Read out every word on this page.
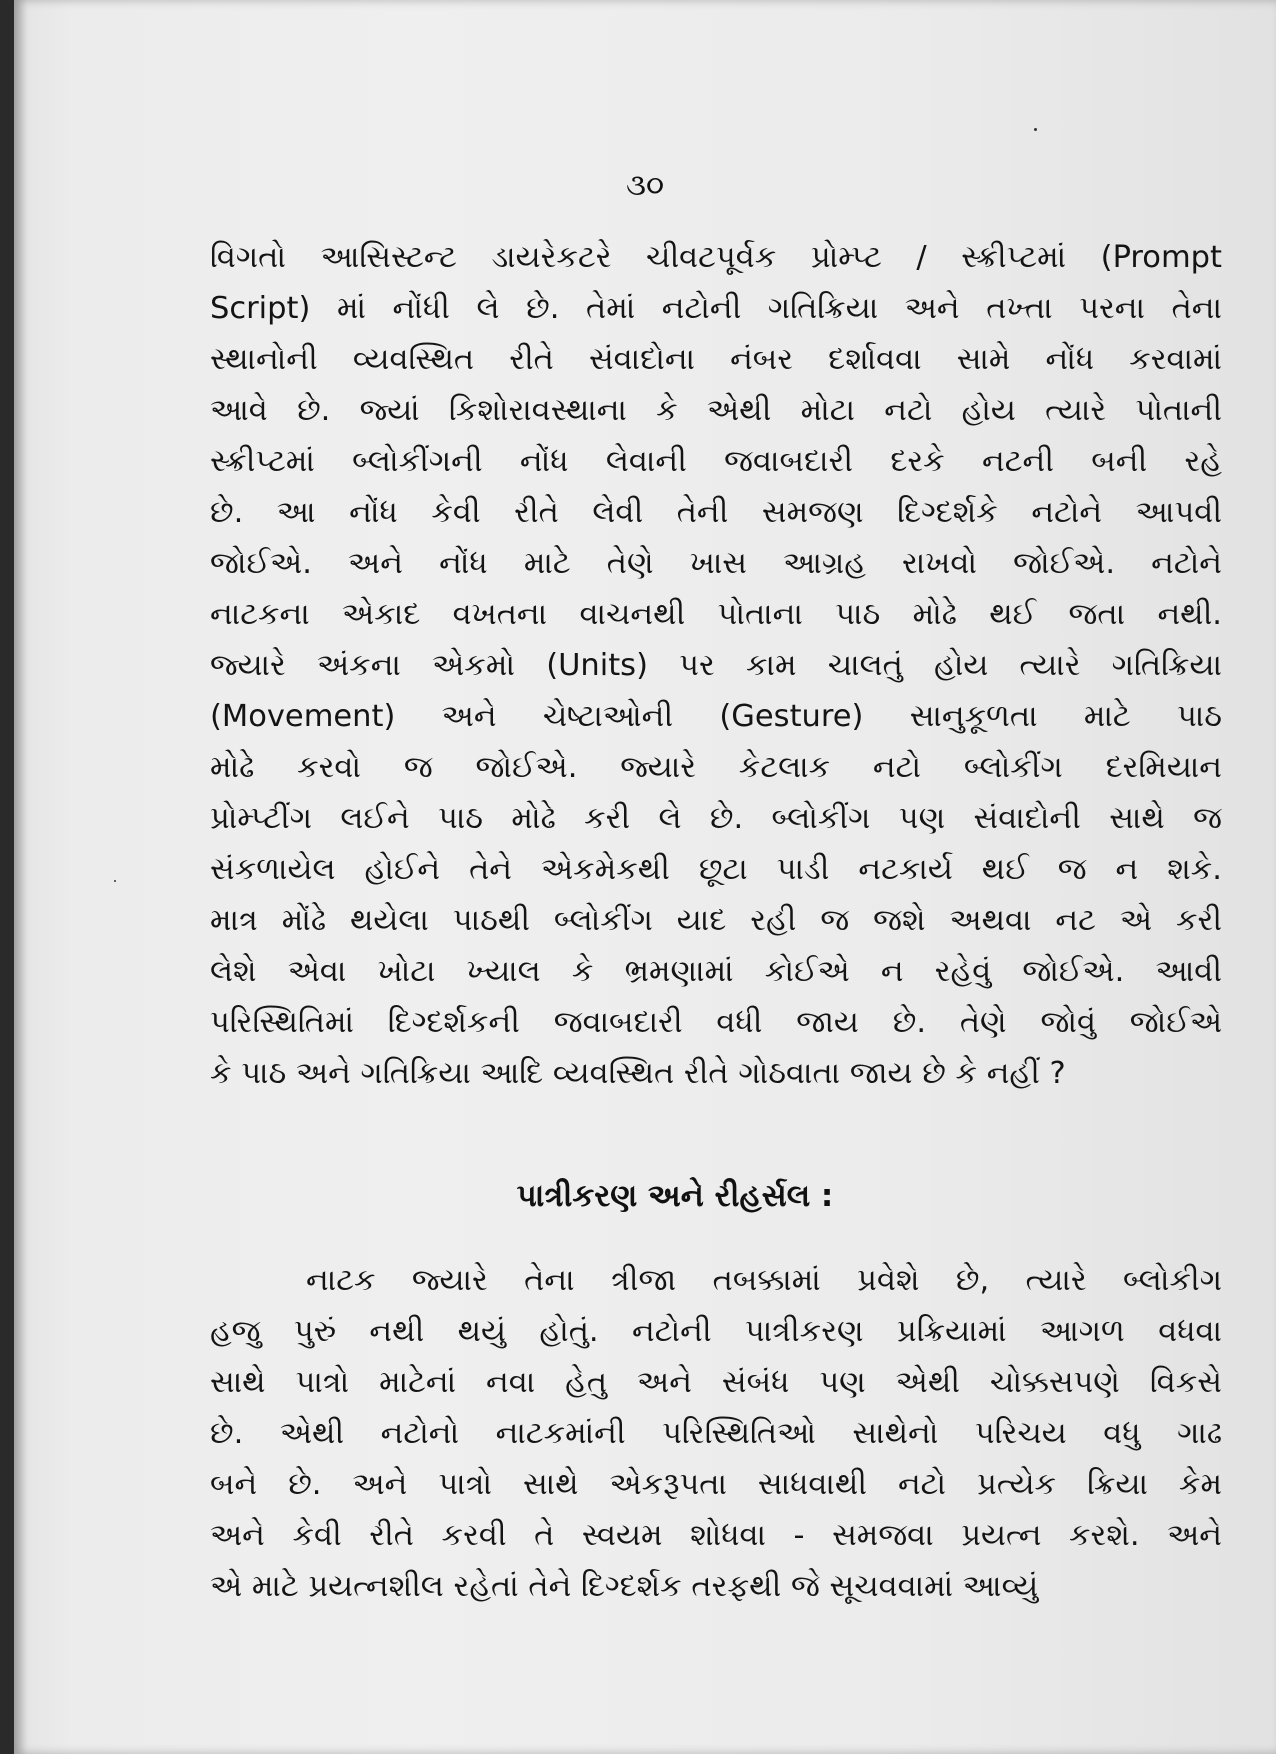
૩૦
વિગતો આસિસ્ટન્ટ ડાયરેકટરે ચીવટપૂર્વક પ્રોમ્પ્ટ / સ્ક્રીપ્ટમાં (Prompt
Script) માં નોંધી લે છે. તેમાં નટોની ગતિક્રિયા અને તખ્તા પરના તેના
સ્થાનોની વ્યવસ્થિત રીતે સંવાદોના નંબર દર્શાવવા સામે નોંધ કરવામાં
આવે છે. જ્યાં કિશોરાવસ્થાના કે એથી મોટા નટો હોય ત્યારે પોતાની
સ્ક્રીપ્ટમાં બ્લોકીંગની નોંધ લેવાની જવાબદારી દરકે નટની બની રહે
છે. આ નોંધ કેવી રીતે લેવી તેની સમજણ દિગ્દર્શકે નટોને આપવી
જોઈએ. અને નોંધ માટે તેણે ખાસ આગ્રહ રાખવો જોઈએ. નટોને
નાટકના એકાદ વખતના વાચનથી પોતાના પાઠ મોઢે થઈ જતા નથી.
જ્યારે અંકના એકમો (Units) પર કામ ચાલતું હોય ત્યારે ગતિક્રિયા
(Movement) અને ચેષ્ટાઓની (Gesture) સાનુકૂળતા માટે પાઠ
મોઢે કરવો જ જોઈએ. જ્યારે કેટલાક નટો બ્લોકીંગ દરમિયાન
પ્રોમ્પ્ટીંગ લઈને પાઠ મોઢે કરી લે છે. બ્લોકીંગ પણ સંવાદોની સાથે જ
સંકળાયેલ હોઈને તેને એકમેકથી છૂટા પાડી નટકાર્ય થઈ જ ન શકે.
માત્ર મોંઢે થયેલા પાઠથી બ્લોકીંગ યાદ રહી જ જશે અથવા નટ એ કરી
લેશે એવા ખોટા ખ્યાલ કે ભ્રમણામાં કોઈએ ન રહેવું જોઈએ. આવી
પરિસ્થિતિમાં દિગ્દર્શકની જવાબદારી વધી જાય છે. તેણે જોવું જોઈએ
કે પાઠ અને ગતિક્રિયા આદિ વ્યવસ્થિત રીતે ગોઠવાતા જાય છે કે નહીં ?
પાત્રીકરણ અને રીહર્સલ :
નાટક જ્યારે તેના ત્રીજા તબક્કામાં પ્રવેશે છે, ત્યારે બ્લોકીગ
હજુ પુરું નથી થયું હોતું. નટોની પાત્રીકરણ પ્રક્રિયામાં આગળ વધવા
સાથે પાત્રો માટેનાં નવા હેતુ અને સંબંધ પણ એથી ચોક્કસપણે વિકસે
છે. એથી નટોનો નાટકમાંની પરિસ્થિતિઓ સાથેનો પરિચય વધુ ગાઢ
બને છે. અને પાત્રો સાથે એકરૂપતા સાધવાથી નટો પ્રત્યેક ક્રિયા કેમ
અને કેવી રીતે કરવી તે સ્વયમ શોધવા - સમજવા પ્રયત્ન કરશે. અને
એ માટે પ્રયત્નશીલ રહેતાં તેને દિગ્દર્શક તરફથી જે સૂચવવામાં આવ્યું
